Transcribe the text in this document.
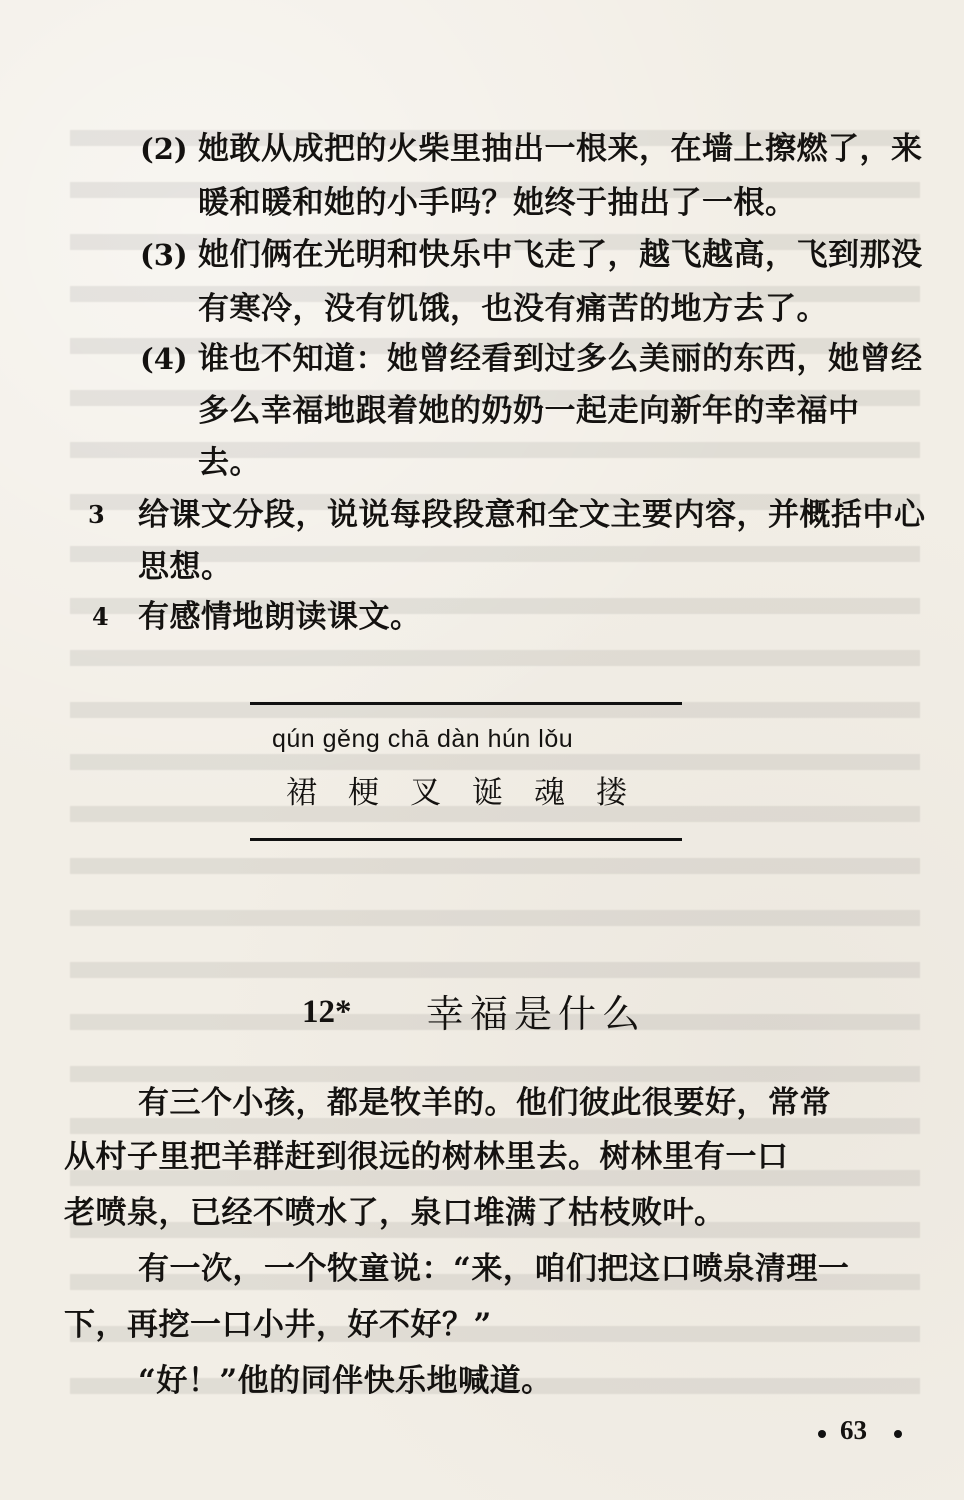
(2) 她敢从成把的火柴里抽出一根来，在墙上擦燃了，来
暖和暖和她的小手吗？她终于抽出了一根。
(3) 她们俩在光明和快乐中飞走了，越飞越高，飞到那没
有寒冷，没有饥饿，也没有痛苦的地方去了。
(4) 谁也不知道：她曾经看到过多么美丽的东西，她曾经
多么幸福地跟着她的奶奶一起走向新年的幸福中
去。
3 给课文分段，说说每段段意和全文主要内容，并概括中心
思想。
4 有感情地朗读课文。
qún gěng chā dàn hún lǒu
裙梗叉诞魂搂
12* 幸福是什么
有三个小孩，都是牧羊的。他们彼此很要好，常常
从村子里把羊群赶到很远的树林里去。树林里有一口
老喷泉，已经不喷水了，泉口堆满了枯枝败叶。
有一次，一个牧童说：“来，咱们把这口喷泉清理一
下，再挖一口小井，好不好？”
“好！”他的同伴快乐地喊道。
63
